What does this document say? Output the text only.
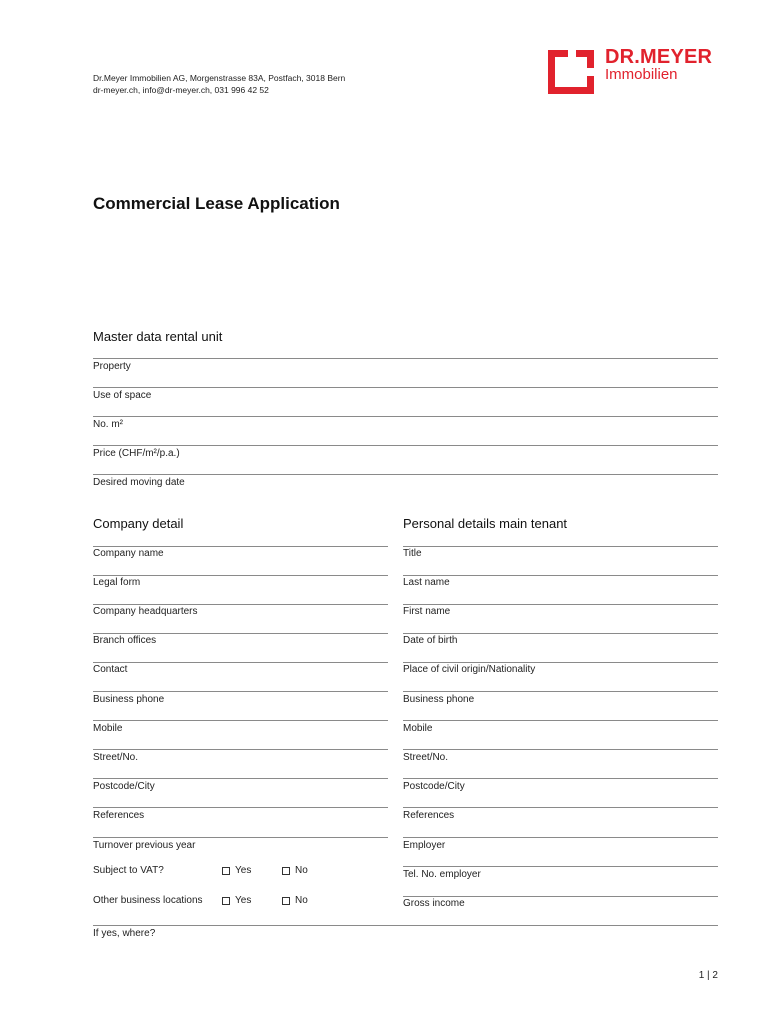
Dr.Meyer Immobilien AG, Morgenstrasse 83A, Postfach, 3018 Bern
dr-meyer.ch, info@dr-meyer.ch, 031 996 42 52
DR.MEYER
Immobilien
Commercial Lease Application
Master data rental unit
Property
Use of space
No. m²
Price (CHF/m²/p.a.)
Desired moving date
Company detail
Company name
Legal form
Company headquarters
Branch offices
Contact
Business phone
Mobile
Street/No.
Postcode/City
References
Turnover previous year
Subject to VAT?	Yes	No
Other business locations	Yes	No
If yes, where?
Personal details main tenant
Title
Last name
First name
Date of birth
Place of civil origin/Nationality
Business phone
Mobile
Street/No.
Postcode/City
References
Employer
Tel. No. employer
Gross income
1 | 2
